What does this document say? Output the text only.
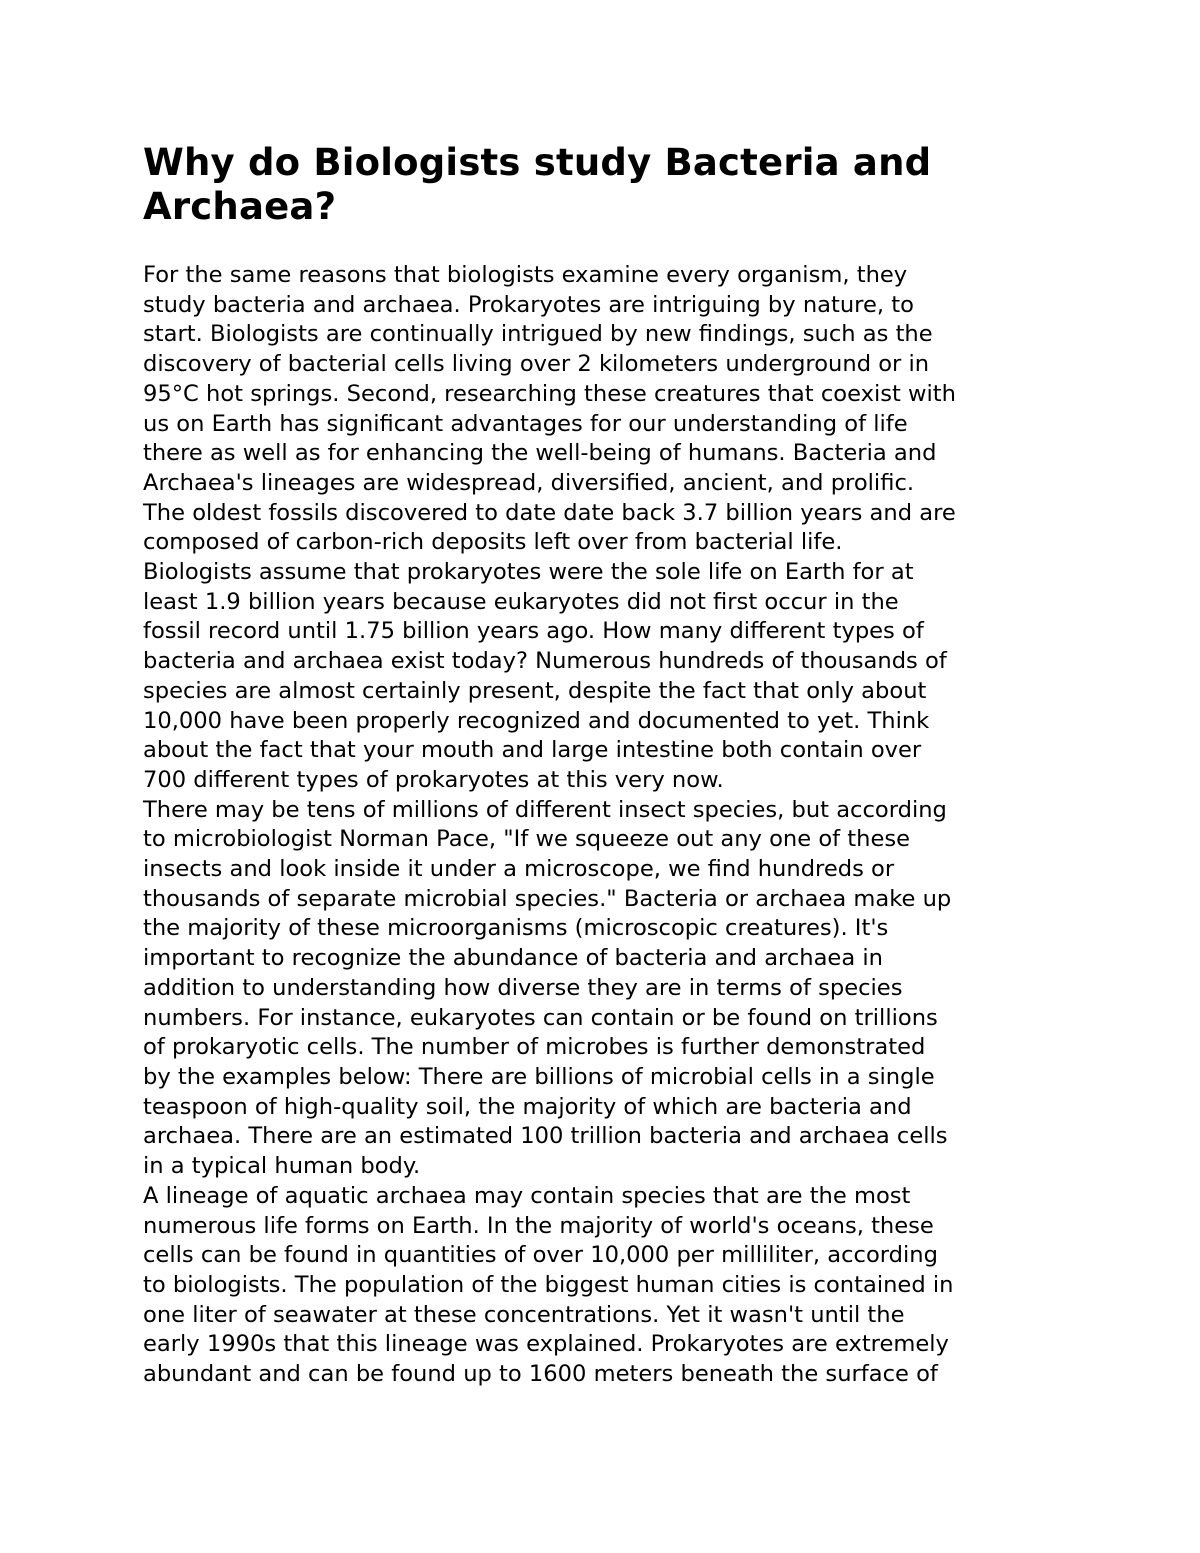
Why do Biologists study Bacteria and
Archaea?

For the same reasons that biologists examine every organism, they
study bacteria and archaea. Prokaryotes are intriguing by nature, to
start. Biologists are continually intrigued by new findings, such as the
discovery of bacterial cells living over 2 kilometers underground or in
95°C hot springs. Second, researching these creatures that coexist with
us on Earth has significant advantages for our understanding of life
there as well as for enhancing the well-being of humans. Bacteria and
Archaea's lineages are widespread, diversified, ancient, and prolific.
The oldest fossils discovered to date date back 3.7 billion years and are
composed of carbon-rich deposits left over from bacterial life.
Biologists assume that prokaryotes were the sole life on Earth for at
least 1.9 billion years because eukaryotes did not first occur in the
fossil record until 1.75 billion years ago. How many different types of
bacteria and archaea exist today? Numerous hundreds of thousands of
species are almost certainly present, despite the fact that only about
10,000 have been properly recognized and documented to yet. Think
about the fact that your mouth and large intestine both contain over
700 different types of prokaryotes at this very now.

There may be tens of millions of different insect species, but according
to microbiologist Norman Pace, "If we squeeze out any one of these
insects and look inside it under a microscope, we find hundreds or
thousands of separate microbial species." Bacteria or archaea make up
the majority of these microorganisms (microscopic creatures). It's
important to recognize the abundance of bacteria and archaea in
addition to understanding how diverse they are in terms of species
numbers. For instance, eukaryotes can contain or be found on trillions
of prokaryotic cells. The number of microbes is further demonstrated
by the examples below: There are billions of microbial cells in a single
teaspoon of high-quality soil, the majority of which are bacteria and
archaea. There are an estimated 100 trillion bacteria and archaea cells
in a typical human body.

A lineage of aquatic archaea may contain species that are the most
numerous life forms on Earth. In the majority of world's oceans, these
cells can be found in quantities of over 10,000 per milliliter, according
to biologists. The population of the biggest human cities is contained in
one liter of seawater at these concentrations. Yet it wasn't until the
early 1990s that this lineage was explained. Prokaryotes are extremely
abundant and can be found up to 1600 meters beneath the surface of
